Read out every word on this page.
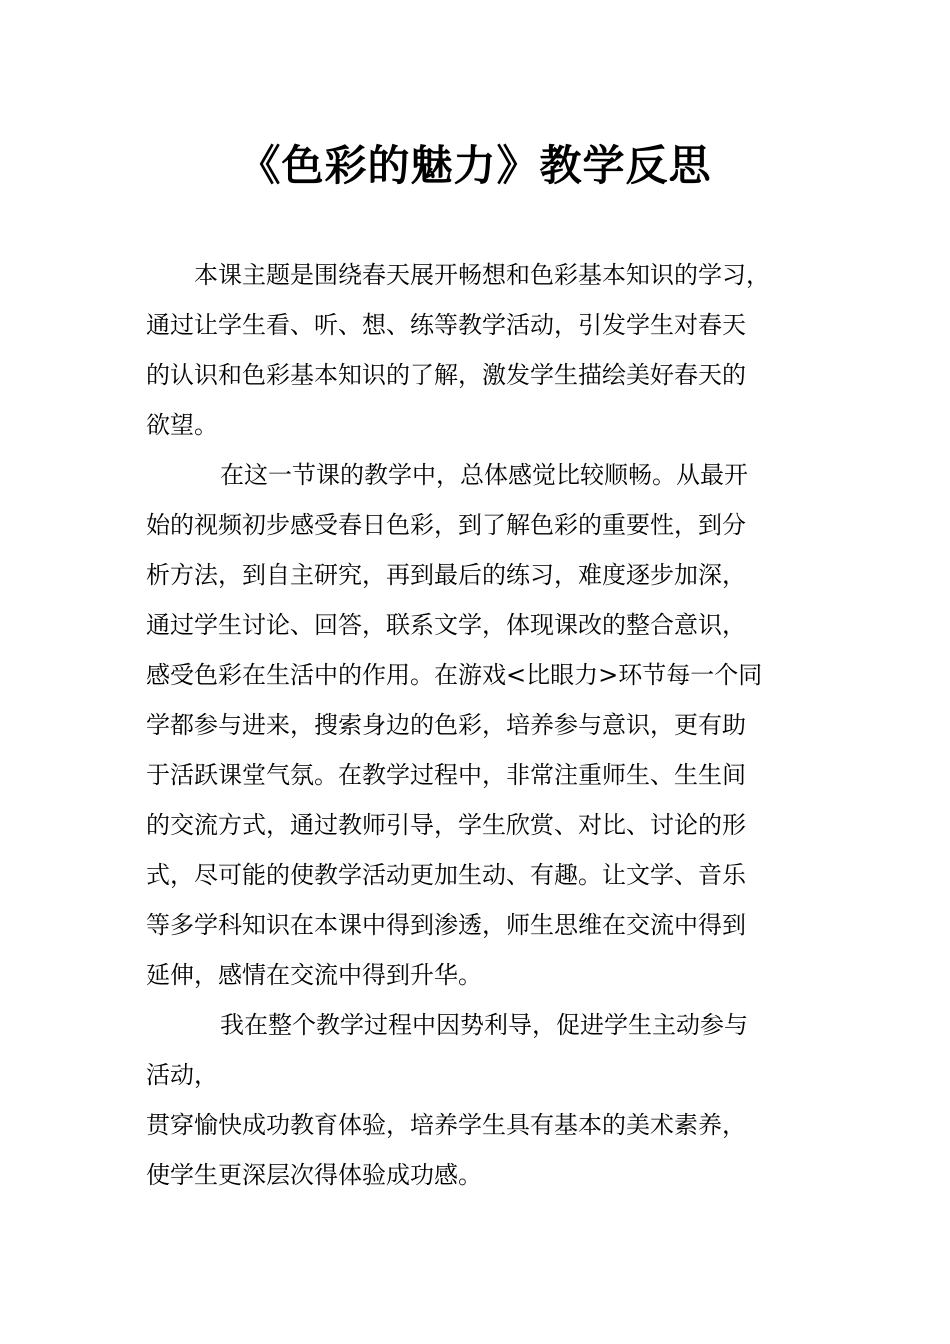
《色彩的魅力》教学反思

本课主题是围绕春天展开畅想和色彩基本知识的学习，

通过让学生看、听、想、练等教学活动，引发学生对春天

的认识和色彩基本知识的了解，激发学生描绘美好春天的

欲望。

在这一节课的教学中，总体感觉比较顺畅。从最开

始的视频初步感受春日色彩，到了解色彩的重要性，到分

析方法，到自主研究，再到最后的练习，难度逐步加深，

通过学生讨论、回答，联系文学，体现课改的整合意识，

感受色彩在生活中的作用。在游戏<比眼力>环节每一个同

学都参与进来，搜索身边的色彩，培养参与意识，更有助

于活跃课堂气氛。在教学过程中，非常注重师生、生生间

的交流方式，通过教师引导，学生欣赏、对比、讨论的形

式，尽可能的使教学活动更加生动、有趣。让文学、音乐

等多学科知识在本课中得到渗透，师生思维在交流中得到

延伸，感情在交流中得到升华。

我在整个教学过程中因势利导，促进学生主动参与

活动，

贯穿愉快成功教育体验，培养学生具有基本的美术素养，

使学生更深层次得体验成功感。
